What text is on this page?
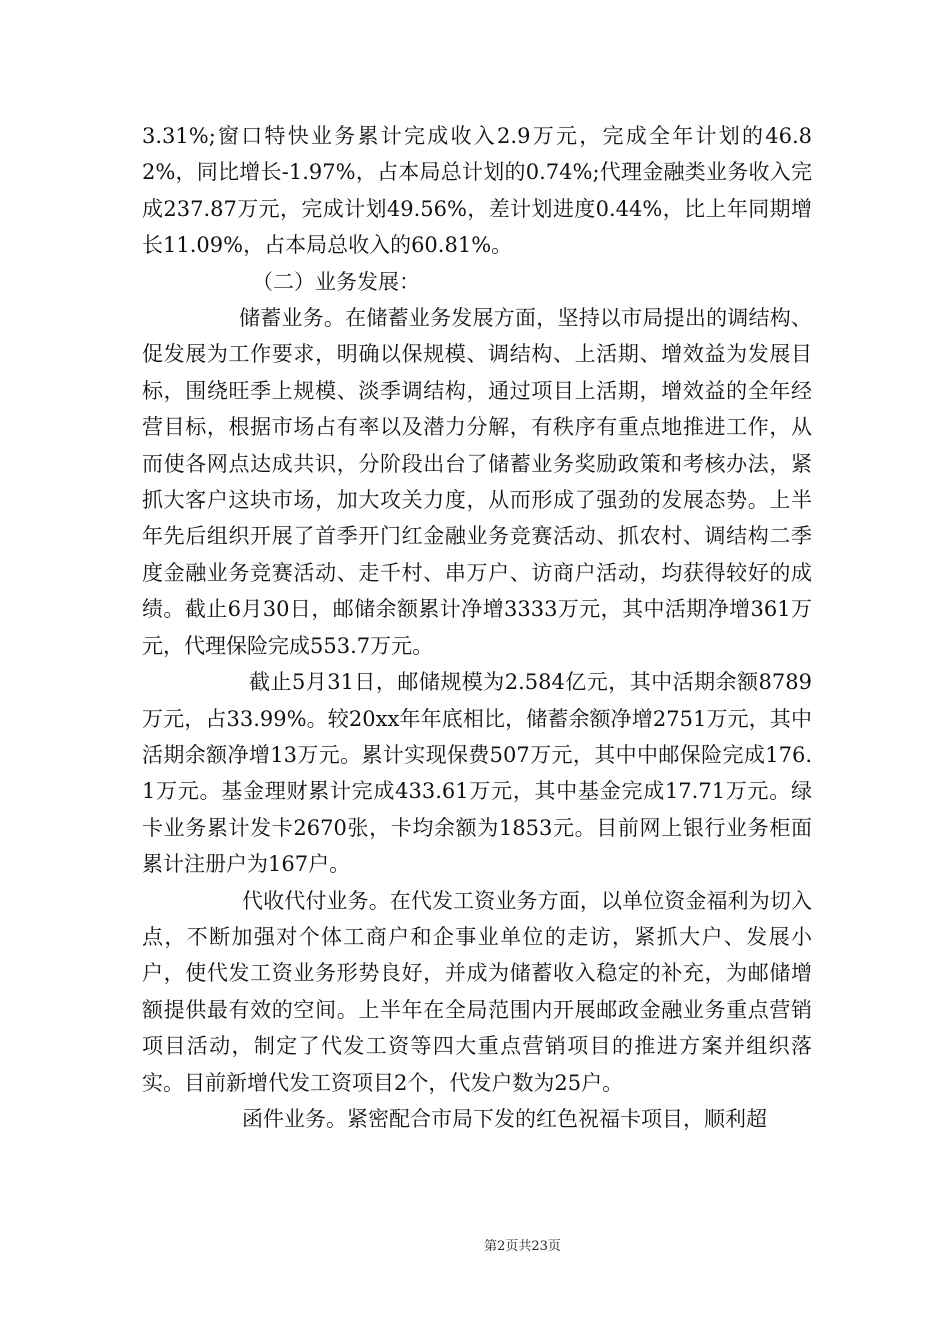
3.31%;窗口特快业务累计完成收入2.9万元，完成全年计划的46.82%，同比增长-1.97%，占本局总计划的0.74%;代理金融类业务收入完成237.87万元，完成计划49.56%，差计划进度0.44%，比上年同期增长11.09%，占本局总收入的60.81%。

（二）业务发展：

储蓄业务。在储蓄业务发展方面，坚持以市局提出的调结构、促发展为工作要求，明确以保规模、调结构、上活期、增效益为发展目标，围绕旺季上规模、淡季调结构，通过项目上活期，增效益的全年经营目标，根据市场占有率以及潜力分解，有秩序有重点地推进工作，从而使各网点达成共识，分阶段出台了储蓄业务奖励政策和考核办法，紧抓大客户这块市场，加大攻关力度，从而形成了强劲的发展态势。上半年先后组织开展了首季开门红金融业务竞赛活动、抓农村、调结构二季度金融业务竞赛活动、走千村、串万户、访商户活动，均获得较好的成绩。截止6月30日，邮储余额累计净增3333万元，其中活期净增361万元，代理保险完成553.7万元。

截止5月31日，邮储规模为2.584亿元，其中活期余额8789万元，占33.99%。较20xx年年底相比，储蓄余额净增2751万元，其中活期余额净增13万元。累计实现保费507万元，其中中邮保险完成176.1万元。基金理财累计完成433.61万元，其中基金完成17.71万元。绿卡业务累计发卡2670张，卡均余额为1853元。目前网上银行业务柜面累计注册户为167户。

代收代付业务。在代发工资业务方面，以单位资金福利为切入点，不断加强对个体工商户和企事业单位的走访，紧抓大户、发展小户，使代发工资业务形势良好，并成为储蓄收入稳定的补充，为邮储增额提供最有效的空间。上半年在全局范围内开展邮政金融业务重点营销项目活动，制定了代发工资等四大重点营销项目的推进方案并组织落实。目前新增代发工资项目2个，代发户数为25户。

函件业务。紧密配合市局下发的红色祝福卡项目，顺利超

第2页共23页
